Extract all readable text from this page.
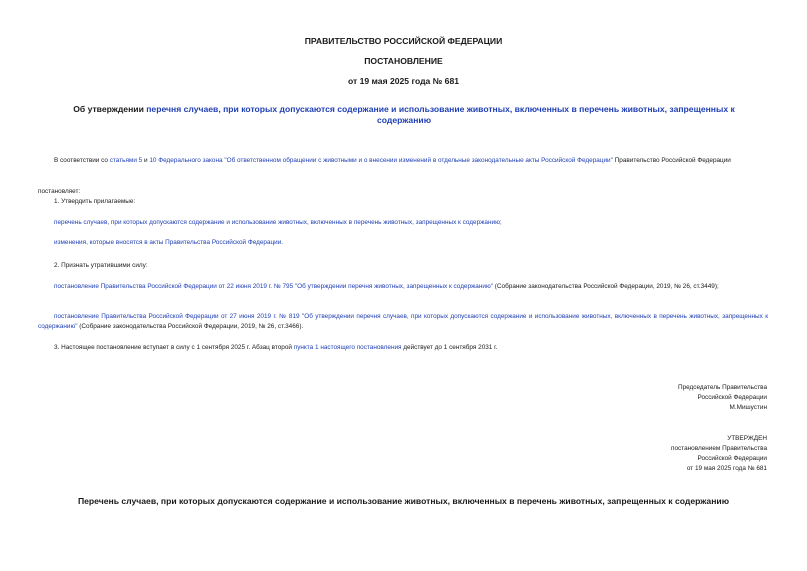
ПРАВИТЕЛЬСТВО РОССИЙСКОЙ ФЕДЕРАЦИИ
ПОСТАНОВЛЕНИЕ
от 19 мая 2025 года № 681
Об утверждении перечня случаев, при которых допускаются содержание и использование животных, включенных в перечень животных, запрещенных к содержанию
В соответствии со статьями 5 и 10 Федерального закона "Об ответственном обращении с животными и о внесении изменений в отдельные законодательные акты Российской Федерации" Правительство Российской Федерации
постановляет:
1. Утвердить прилагаемые:
перечень случаев, при которых допускаются содержание и использование животных, включенных в перечень животных, запрещенных к содержанию;
изменения, которые вносятся в акты Правительства Российской Федерации.
2. Признать утратившими силу:
постановление Правительства Российской Федерации от 22 июня 2019 г. № 795 "Об утверждении перечня животных, запрещенных к содержанию" (Собрание законодательства Российской Федерации, 2019, № 26, ст.3449);
постановление Правительства Российской Федерации от 27 июня 2019 г. № 819 "Об утверждении перечня случаев, при которых допускаются содержание и использование животных, включенных в перечень животных, запрещенных к содержанию" (Собрание законодательства Российской Федерации, 2019, № 26, ст.3466).
3. Настоящее постановление вступает в силу с 1 сентября 2025 г. Абзац второй пункта 1 настоящего постановления действует до 1 сентября 2031 г.
Председатель Правительства
Российской Федерации
М.Мишустин
УТВЕРЖДЕН
постановлением Правительства
Российской Федерации
от 19 мая 2025 года № 681
Перечень случаев, при которых допускаются содержание и использование животных, включенных в перечень животных, запрещенных к содержанию
